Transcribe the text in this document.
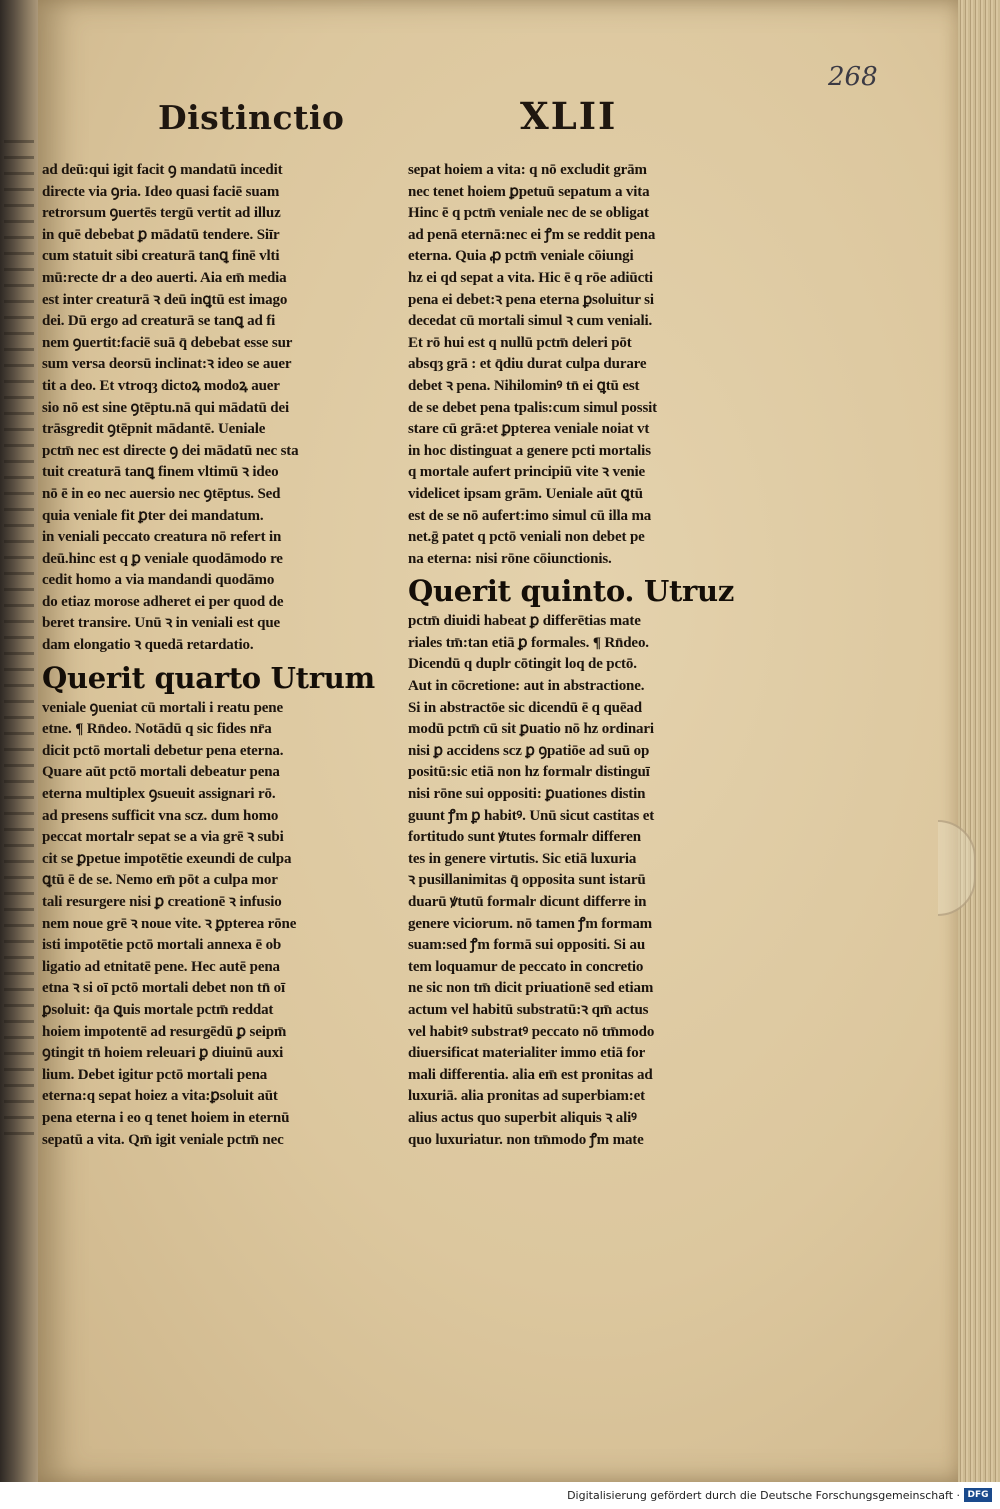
268
Distinctio	XLII
ad deū:qui igit facit ꝯ mandatū incedit
directe via ꝯria. Ideo quasi faciē suam
retrorsum ꝯuertēs tergū vertit ad illuz
in quē debebat ꝑ mādatū tendere. Siīr
cum statuit sibi creaturā tanꝗ finē vlti
mū:recte dr a deo auerti. Aia em̄ media
est inter creaturā ꝛ deū inꝗtū est imago
dei. Dū ergo ad creaturā se tanꝗ ad fi
nem ꝯuertit:faciē suā q̄ debebat esse sur
sum versa deorsū inclinat:ꝛ ideo se auer
tit a deo. Et vtroqȝ dictoꝝ modoꝝ auer
sio nō est sine ꝯtēptu.nā qui mādatū dei
trāsgredit ꝯtēpnit mādantē. Ueniale
pctm̄ nec est directe ꝯ dei mādatū nec sta
tuit creaturā tanꝗ finem vltimū ꝛ ideo
nō ē in eo nec auersio nec ꝯtēptus. Sed
quia veniale fit ꝑter dei mandatum.
in veniali peccato creatura nō refert in
deū.hinc est q ꝑ veniale quodāmodo re
cedit homo a via mandandi quodāmo
do etiaz morose adheret ei per quod de
beret transire. Unū ꝛ in veniali est que
dam elongatio ꝛ quedā retardatio.
Querit quarto Utrum
veniale ꝯueniat cū mortali i reatu pene
etne. ¶ Rn̄deo. Notādū q sic fides nr̄a
dicit pctō mortali debetur pena eterna.
Quare aūt pctō mortali debeatur pena
eterna multiplex ꝯsueuit assignari rō.
ad presens sufficit vna scz. dum homo
peccat mortalr sepat se a via grē ꝛ subi
cit se ꝑpetue impotētie exeundi de culpa
ꝗtū ē de se. Nemo em̄ pōt a culpa mor
tali resurgere nisi ꝑ creationē ꝛ infusio
nem noue grē ꝛ noue vite. ꝛ ꝑpterea rōne
isti impotētie pctō mortali annexa ē ob
ligatio ad etnitatē pene. Hec autē pena
etna ꝛ si oī pctō mortali debet non tn̄ oī
ꝑsoluit: q̄a ꝗuis mortale pctm̄ reddat
hoiem impotentē ad resurgēdū ꝑ seipm̄
ꝯtingit tn̄ hoiem releuari ꝑ diuinū auxi
lium. Debet igitur pctō mortali pena
eterna:q sepat hoiez a vita:ꝑsoluit aūt
pena eterna i eo q tenet hoiem in eternū
sepatū a vita. Qm̄ igit veniale pctm̄ nec
sepat hoiem a vita: q nō excludit grām
nec tenet hoiem ꝑpetuū sepatum a vita
Hinc ē q pctm̄ veniale nec de se obligat
ad penā eternā:nec ei ꝭm se reddit pena
eterna. Quia ꝓ pctm̄ veniale cōiungi
hz ei qd sepat a vita. Hic ē q rōe adiūcti
pena ei debet:ꝛ pena eterna ꝑsoluitur si
decedat cū mortali simul ꝛ cum veniali.
Et rō hui est q nullū pctm̄ deleri pōt
absqȝ grā : et q̄diu durat culpa durare
debet ꝛ pena. Nihilominꝰ tn̄ ei ꝗtū est
de se debet pena tpalis:cum simul possit
stare cū grā:et ꝑpterea veniale noiat vt
in hoc distinguat a genere pcti mortalis
q mortale aufert principiū vite ꝛ venie
videlicet ipsam grām. Ueniale aūt ꝗtū
est de se nō aufert:imo simul cū illa ma
net.ḡ patet q pctō veniali non debet pe
na eterna: nisi rōne cōiunctionis.
Querit quinto. Utruz
pctm̄ diuidi habeat ꝑ differētias mate
riales tm̄:tan etiā ꝑ formales. ¶ Rn̄deo.
Dicendū q duplr cōtingit loq de pctō.
Aut in cōcretione: aut in abstractione.
Si in abstractōe sic dicendū ē q quēad
modū pctm̄ cū sit ꝑuatio nō hz ordinari
nisi ꝑ accidens scz ꝑ ꝯpatiōe ad suū op
positū:sic etiā non hz formalr distinguī
nisi rōne sui oppositi: ꝑuationes distin
guunt ꝭm ꝑ habitꝰ. Unū sicut castitas et
fortitudo sunt ꝟtutes formalr differen
tes in genere virtutis. Sic etiā luxuria
ꝛ pusillanimitas q̄ opposita sunt istarū
duarū ꝟtutū formalr dicunt differre in
genere viciorum. nō tamen ꝭm formam
suam:sed ꝭm formā sui oppositi. Si au
tem loquamur de peccato in concretio
ne sic non tm̄ dicit priuationē sed etiam
actum vel habitū substratū:ꝛ qm̄ actus
vel habitꝰ substratꝰ peccato nō tm̄modo
diuersificat materialiter immo etiā for
mali differentia. alia em̄ est pronitas ad
luxuriā. alia pronitas ad superbiam:et
alius actus quo superbit aliquis ꝛ aliꝰ
quo luxuriatur. non tm̄modo ꝭm mate
Digitalisierung gefördert durch die Deutsche Forschungsgemeinschaft · DFG
